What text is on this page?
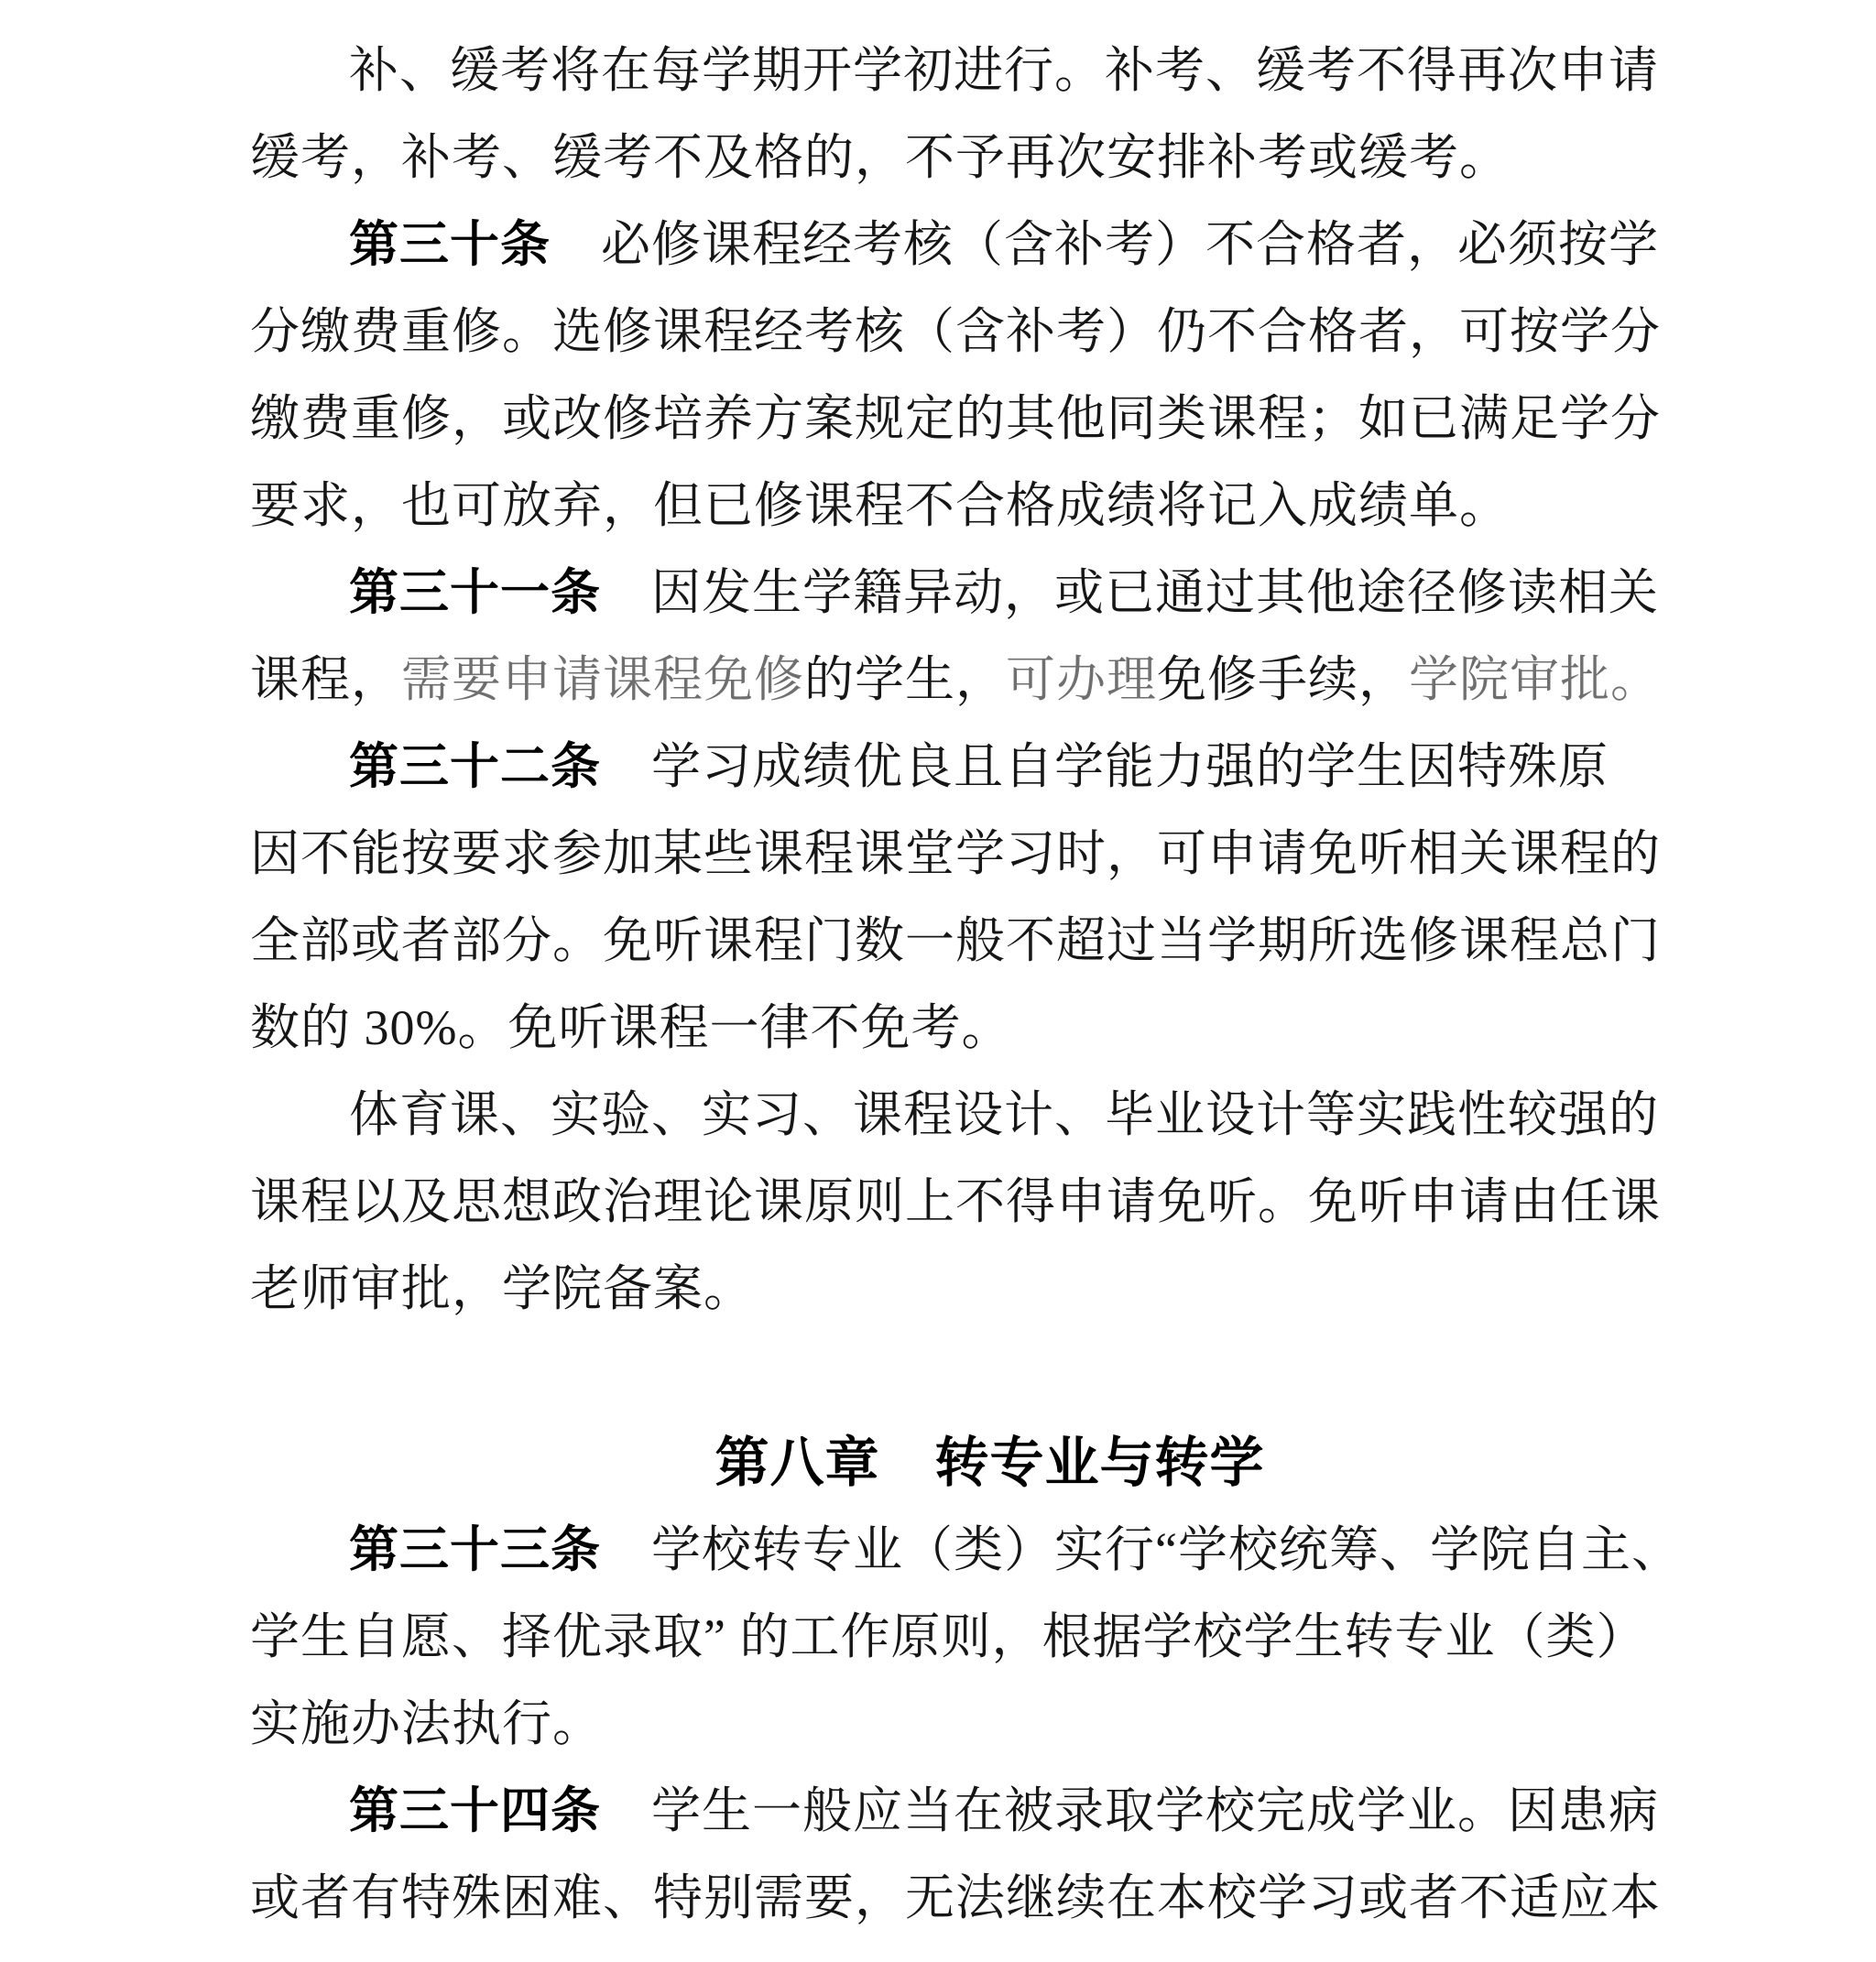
补、缓考将在每学期开学初进行。补考、缓考不得再次申请
缓考，补考、缓考不及格的，不予再次安排补考或缓考。
第三十条　必修课程经考核（含补考）不合格者，必须按学
分缴费重修。选修课程经考核（含补考）仍不合格者，可按学分
缴费重修，或改修培养方案规定的其他同类课程；如已满足学分
要求，也可放弃，但已修课程不合格成绩将记入成绩单。
第三十一条　因发生学籍异动，或已通过其他途径修读相关
课程，需要申请课程免修的学生，可办理免修手续，学院审批。
第三十二条　学习成绩优良且自学能力强的学生因特殊原
因不能按要求参加某些课程课堂学习时，可申请免听相关课程的
全部或者部分。免听课程门数一般不超过当学期所选修课程总门
数的 30%。免听课程一律不免考。
体育课、实验、实习、课程设计、毕业设计等实践性较强的
课程以及思想政治理论课原则上不得申请免听。免听申请由任课
老师审批，学院备案。
第八章　转专业与转学
第三十三条　学校转专业（类）实行“学校统筹、学院自主、
学生自愿、择优录取” 的工作原则，根据学校学生转专业（类）
实施办法执行。
第三十四条　学生一般应当在被录取学校完成学业。因患病
或者有特殊困难、特别需要，无法继续在本校学习或者不适应本
